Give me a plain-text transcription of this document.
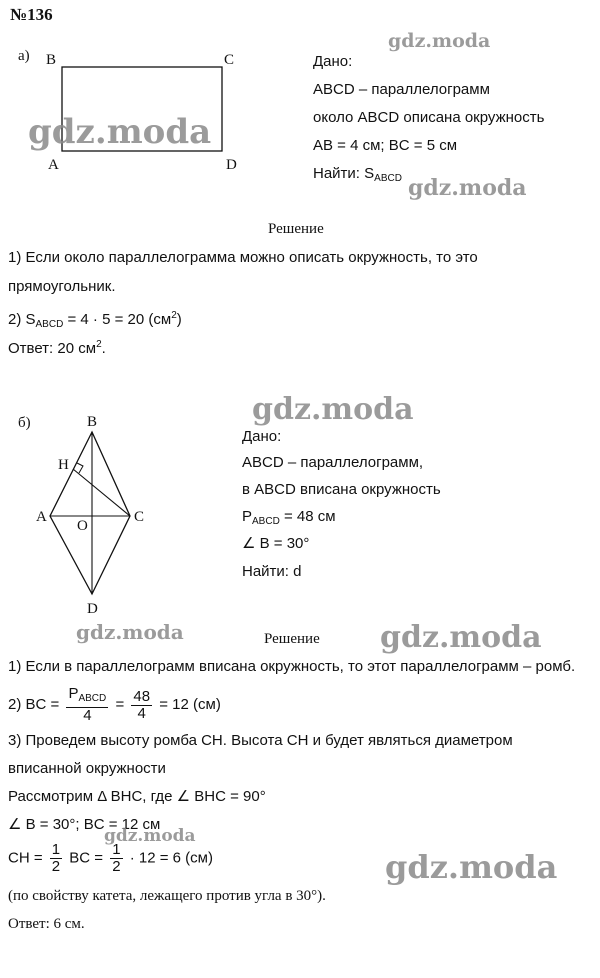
№136
а) B	C
A	D
Дано:
ABCD – параллелограмм
около ABCD описана окружность
AB = 4 см; BC = 5 см
Найти: $S_{ABCD}$
Решение
1) Если около параллелограмма можно описать окружность, то это
прямоугольник.
2) $S_{ABCD} = 4 \cdot 5 = 20$ $(см^2)$
Ответ: 20 $см^2$.
б)	B
H
A
O
C
D
Дано:
ABCD – параллелограмм,
в ABCD вписана окружность
$P_{ABCD} = 48$ см
∠ B = 30°
Найти: d
Решение
1) Если в параллелограмм вписана окружность, то этот параллелограмм – ромб.
2) BC = $\frac{P_{ABCD}}{4} = \frac{48}{4} = 12$ (см)
3) Проведем высоту ромба CH. Высота CH и будет являться диаметром
вписанной окружности
Рассмотрим Δ BHC, где ∠ BHC = 90°
∠ B = 30°; BC = 12 см
CH = $\frac{1}{2}$ BC = $\frac{1}{2} \cdot 12 = 6$ (см)
(по свойству катета, лежащего против угла в 30°).
Ответ: 6 см.
gdz.moda
gdz.moda
gdz.moda
gdz.moda
gdz.moda	gdz.moda
gdz.moda
gdz.moda
